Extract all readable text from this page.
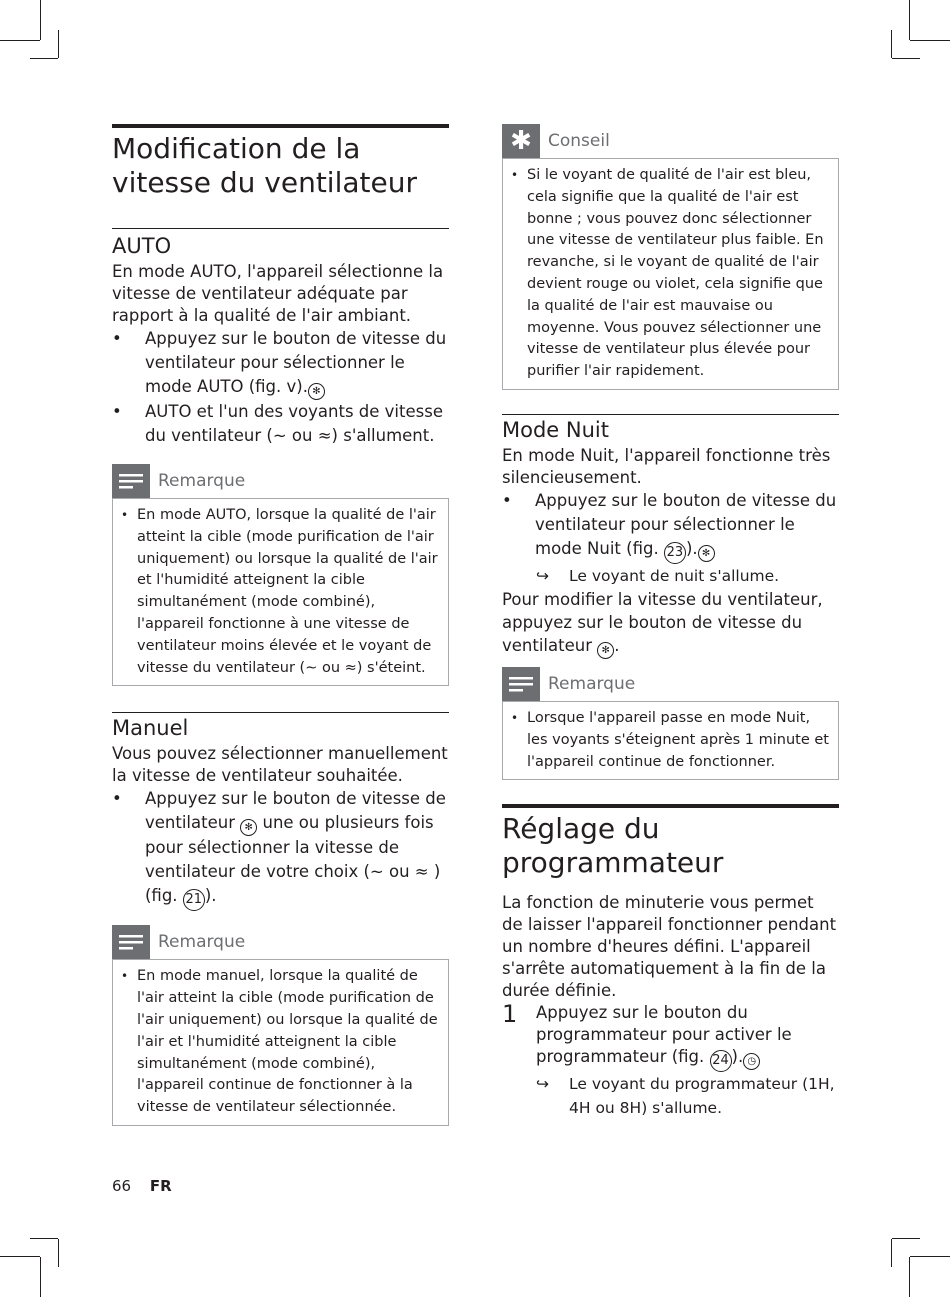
Modification de la vitesse du ventilateur
AUTO

En mode AUTO, l'appareil sélectionne la vitesse de ventilateur adéquate par rapport à la qualité de l'air ambiant.

•	Appuyez sur le bouton de vitesse du ventilateur pour sélectionner le mode AUTO (fig. v). ✻
•	AUTO et l'un des voyants de vitesse du ventilateur (∼ ou ≈) s'allument.
Remarque
• En mode AUTO, lorsque la qualité de l'air atteint la cible (mode purification de l'air uniquement) ou lorsque la qualité de l'air et l'humidité atteignent la cible simultanément (mode combiné), l'appareil fonctionne à une vitesse de ventilateur moins élevée et le voyant de vitesse du ventilateur (∼ ou ≈) s'éteint.
Manuel

Vous pouvez sélectionner manuellement la vitesse de ventilateur souhaitée.

•	Appuyez sur le bouton de vitesse de ventilateur ✻ une ou plusieurs fois pour sélectionner la vitesse de ventilateur de votre choix (∼ ou ≈ ) (fig. 21 ).
Remarque
• En mode manuel, lorsque la qualité de l'air atteint la cible (mode purification de l'air uniquement) ou lorsque la qualité de l'air et l'humidité atteignent la cible simultanément (mode combiné), l'appareil continue de fonctionner à la vitesse de ventilateur sélectionnée.
✱ Conseil
• Si le voyant de qualité de l'air est bleu, cela signifie que la qualité de l'air est bonne ; vous pouvez donc sélectionner une vitesse de ventilateur plus faible. En revanche, si le voyant de qualité de l'air devient rouge ou violet, cela signifie que la qualité de l'air est mauvaise ou moyenne. Vous pouvez sélectionner une vitesse de ventilateur plus élevée pour purifier l'air rapidement.
Mode Nuit

En mode Nuit, l'appareil fonctionne très silencieusement.

•	Appuyez sur le bouton de vitesse du ventilateur pour sélectionner le mode Nuit (fig. 23 ). ✻
↪	Le voyant de nuit s'allume.

Pour modifier la vitesse du ventilateur, appuyez sur le bouton de vitesse du ventilateur ✻ .

Remarque
• Lorsque l'appareil passe en mode Nuit, les voyants s'éteignent après 1 minute et l'appareil continue de fonctionner.
Réglage du programmateur

La fonction de minuterie vous permet de laisser l'appareil fonctionner pendant un nombre d'heures défini. L'appareil s'arrête automatiquement à la fin de la durée définie.

1	Appuyez sur le bouton du programmateur pour activer le programmateur (fig. 24 ). ◷
↪	Le voyant du programmateur (1H, 4H ou 8H) s'allume.
66 FR
